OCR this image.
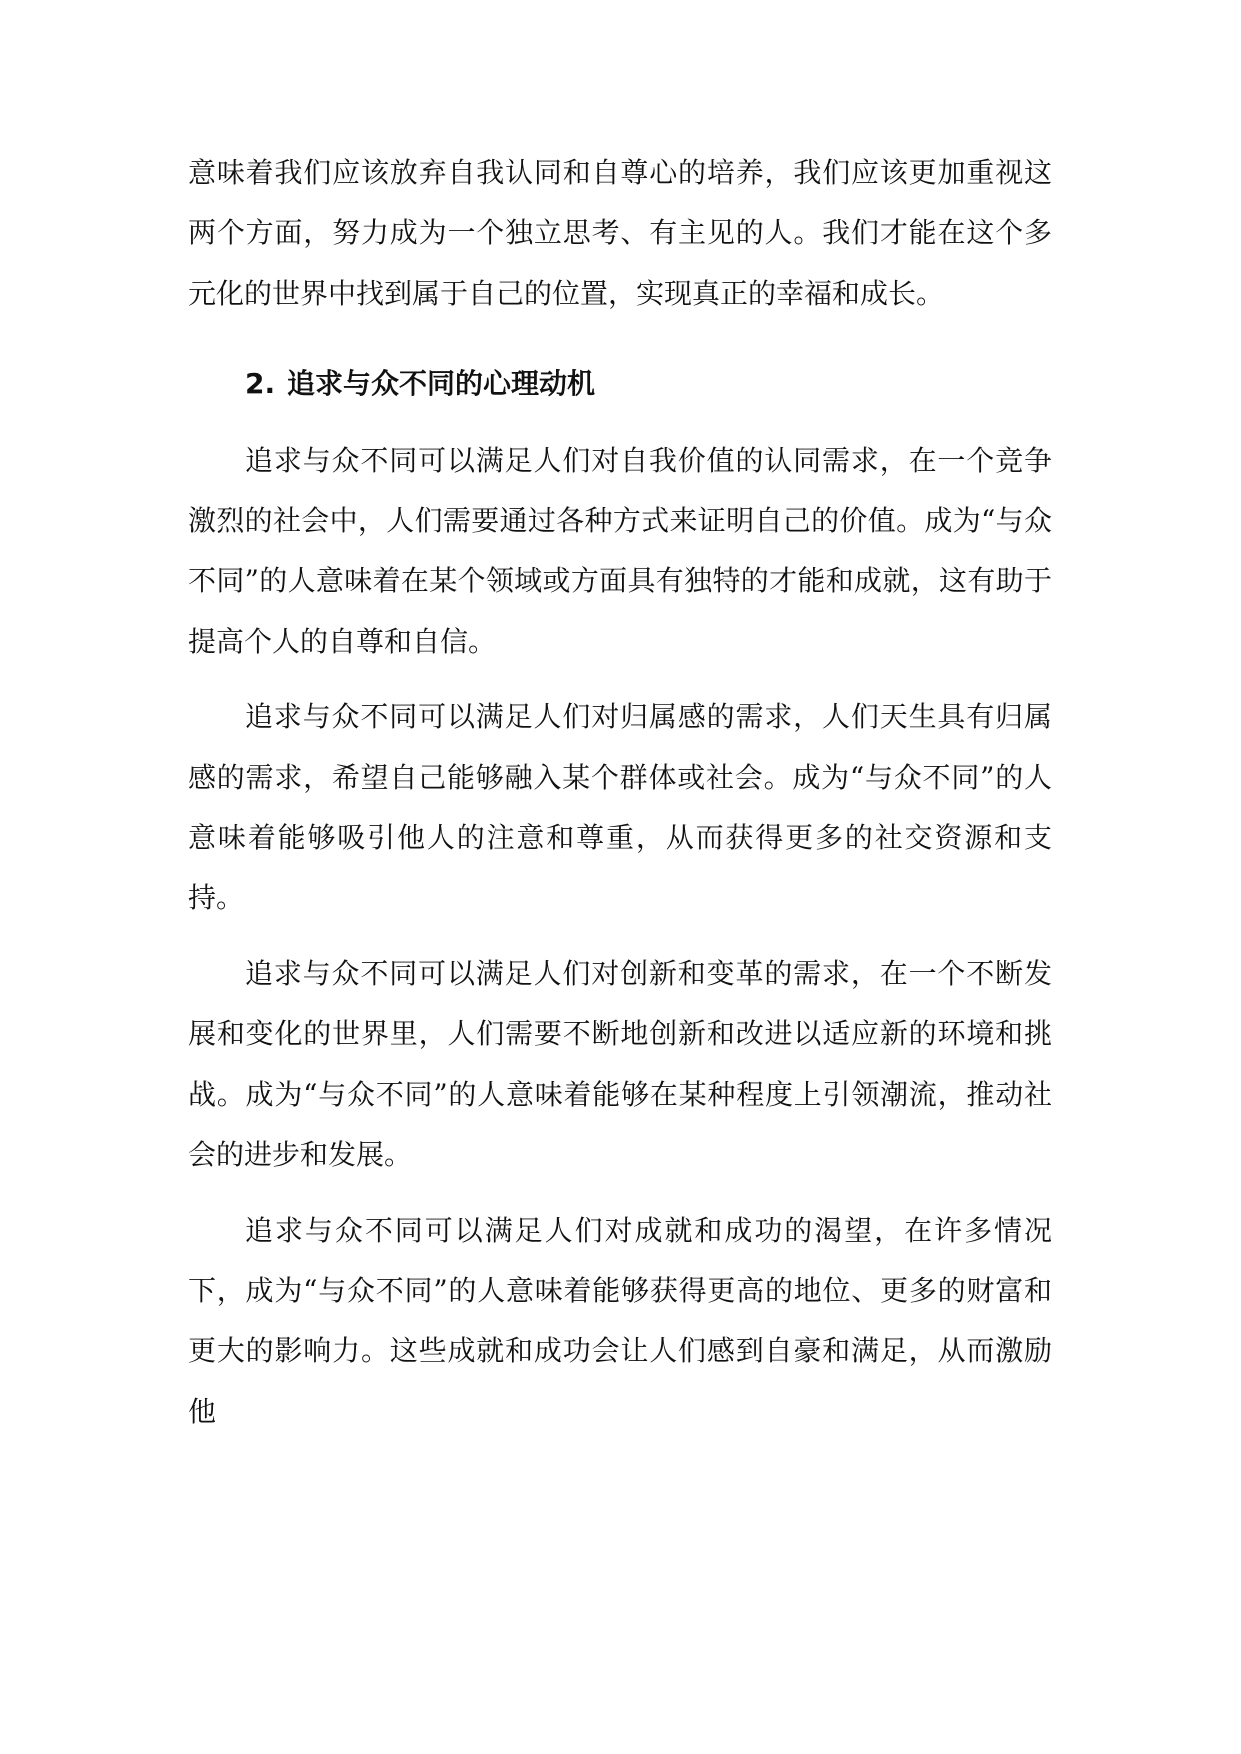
意味着我们应该放弃自我认同和自尊心的培养，我们应该更加重视这两个方面，努力成为一个独立思考、有主见的人。我们才能在这个多元化的世界中找到属于自己的位置，实现真正的幸福和成长。

2. 追求与众不同的心理动机

追求与众不同可以满足人们对自我价值的认同需求，在一个竞争激烈的社会中，人们需要通过各种方式来证明自己的价值。成为“与众不同”的人意味着在某个领域或方面具有独特的才能和成就，这有助于提高个人的自尊和自信。

追求与众不同可以满足人们对归属感的需求，人们天生具有归属感的需求，希望自己能够融入某个群体或社会。成为“与众不同”的人意味着能够吸引他人的注意和尊重，从而获得更多的社交资源和支持。

追求与众不同可以满足人们对创新和变革的需求，在一个不断发展和变化的世界里，人们需要不断地创新和改进以适应新的环境和挑战。成为“与众不同”的人意味着能够在某种程度上引领潮流，推动社会的进步和发展。

追求与众不同可以满足人们对成就和成功的渴望，在许多情况下，成为“与众不同”的人意味着能够获得更高的地位、更多的财富和更大的影响力。这些成就和成功会让人们感到自豪和满足，从而激励他
